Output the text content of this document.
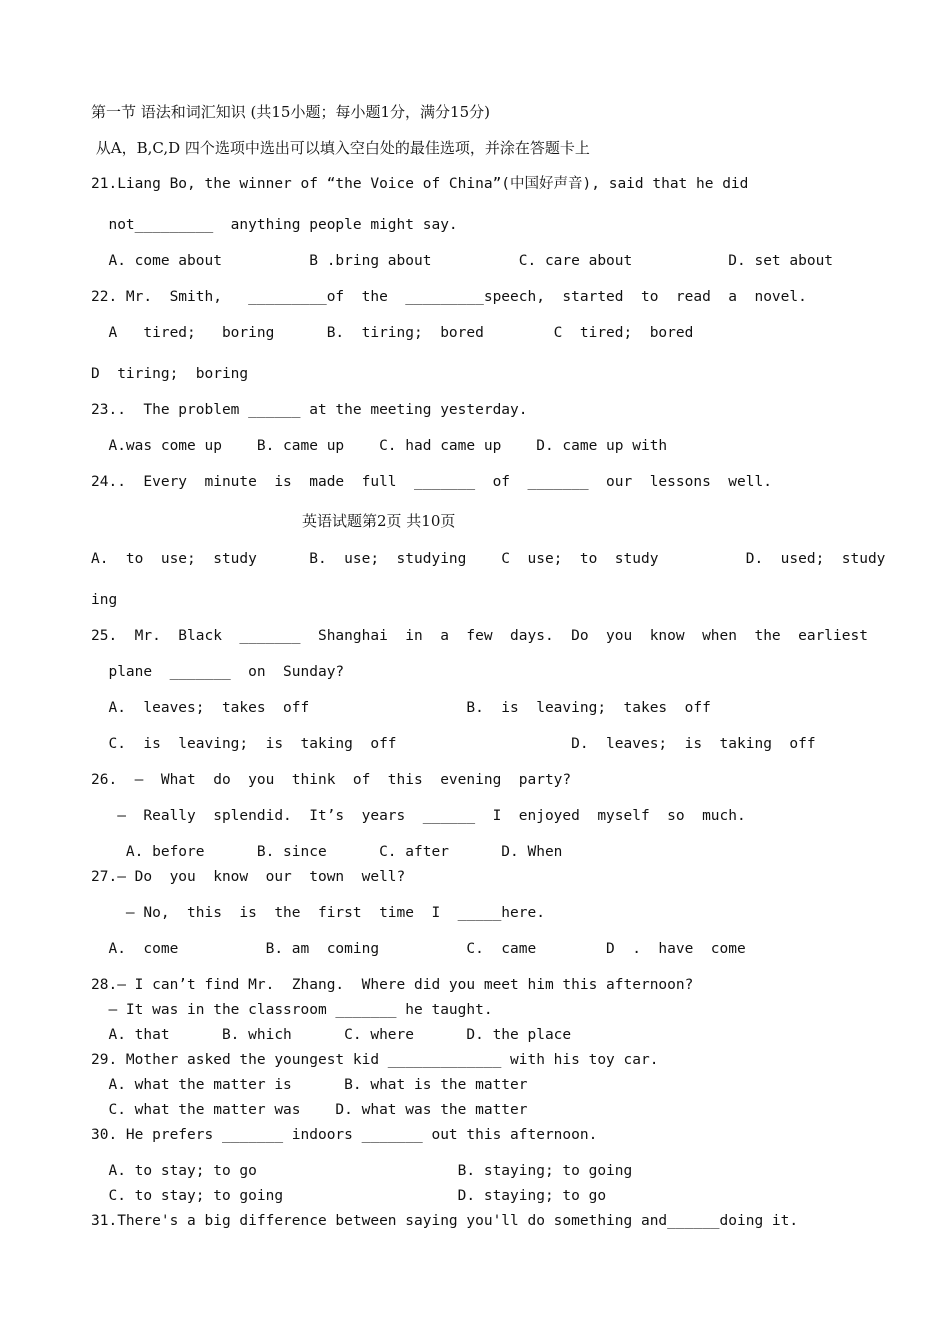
第一节 语法和词汇知识 (共15小题；每小题1分，满分15分)
从A，B,C,D 四个选项中选出可以填入空白处的最佳选项，并涂在答题卡上
21.Liang Bo, the winner of “the Voice of China”(中国好声音), said that he did
not_________  anything people might say.
A. come about          B .bring about          C. care about           D. set about
22. Mr.  Smith,   _________of  the  _________speech,  started  to  read  a  novel.
A   tired;   boring      B.  tiring;  bored        C  tired;  bored
D  tiring;  boring
23..  The problem ______ at the meeting yesterday.
A.was come up    B. came up    C. had came up    D. came up with
24..  Every  minute  is  made  full  _______  of  _______  our  lessons  well.
英语试题第2页 共10页
A.  to  use;  study      B.  use;  studying    C  use;  to  study          D.  used;  study
ing
25.  Mr.  Black  _______  Shanghai  in  a  few  days.  Do  you  know  when  the  earliest
plane  _______  on  Sunday?
A.  leaves;  takes  off                  B.  is  leaving;  takes  off
C.  is  leaving;  is  taking  off                    D.  leaves;  is  taking  off
26.  —  What  do  you  think  of  this  evening  party?
—  Really  splendid.  It’s  years  ______  I  enjoyed  myself  so  much.
A. before      B. since      C. after      D. When
27.— Do  you  know  our  town  well?
— No,  this  is  the  first  time  I  _____here.
A.  come          B. am  coming          C.  came        D  .  have  come
28.— I can’t find Mr.  Zhang.  Where did you meet him this afternoon?
— It was in the classroom _______ he taught.
A. that      B. which      C. where      D. the place
29. Mother asked the youngest kid _____________ with his toy car.
A. what the matter is      B. what is the matter
C. what the matter was    D. what was the matter
30. He prefers _______ indoors _______ out this afternoon.
A. to stay; to go                       B. staying; to going
C. to stay; to going                    D. staying; to go
31.There's a big difference between saying you'll do something and______doing it.
